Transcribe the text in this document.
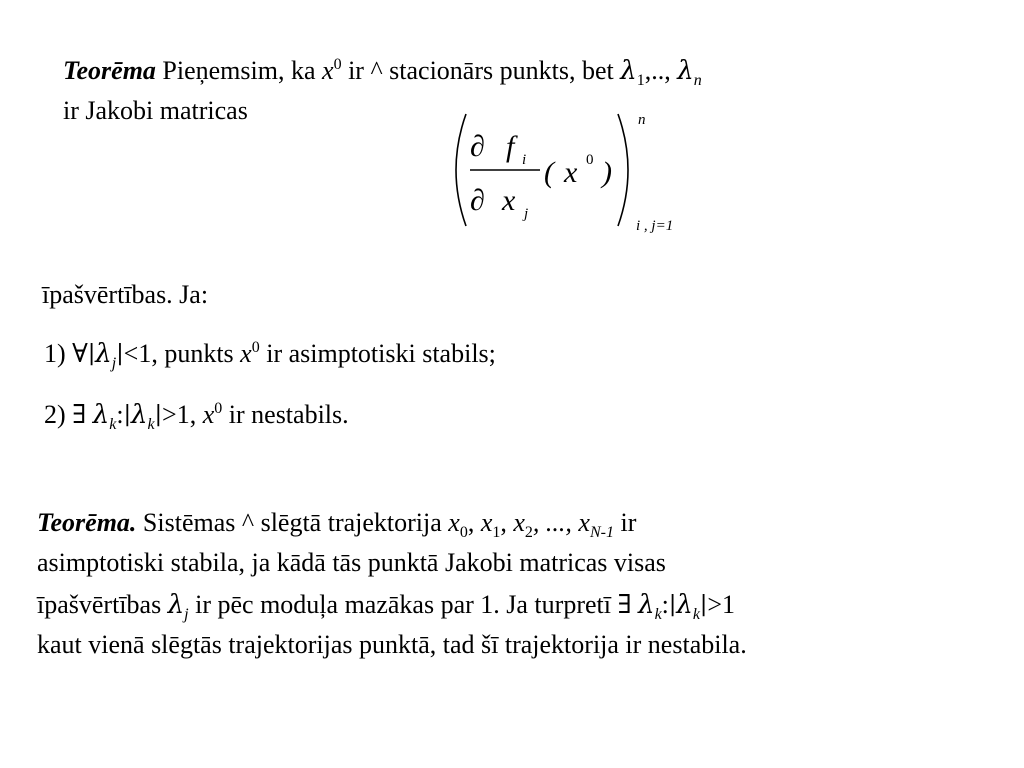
Teorēma Pieņemsim, ka $x^0$ ir ^ stacionārs punkts, bet $\lambda_1$,.., $\lambda_n$
ir Jakobi matricas
∂ f i
∂ x j
( x 0 )
n
i , j=1
īpašvērtības. Ja:
1) $\forall|\lambda_j|<1$, punkts $x^0$ ir asimptotiski stabils;
2) ∃ $\lambda_k:|\lambda_k|>1$, $x^0$ ir nestabils.
Teorēma. Sistēmas ^ slēgtā trajektorija $x_0$, $x_1$, $x_2$, ..., $x_{N-1}$ ir
asimptotiski stabila, ja kādā tās punktā Jakobi matricas visas
īpašvērtības $\lambda_j$ ir pēc moduļa mazākas par 1. Ja turpretī ∃ $\lambda_k:|\lambda_k|>1$
kaut vienā slēgtās trajektorijas punktā, tad šī trajektorija ir nestabila.
